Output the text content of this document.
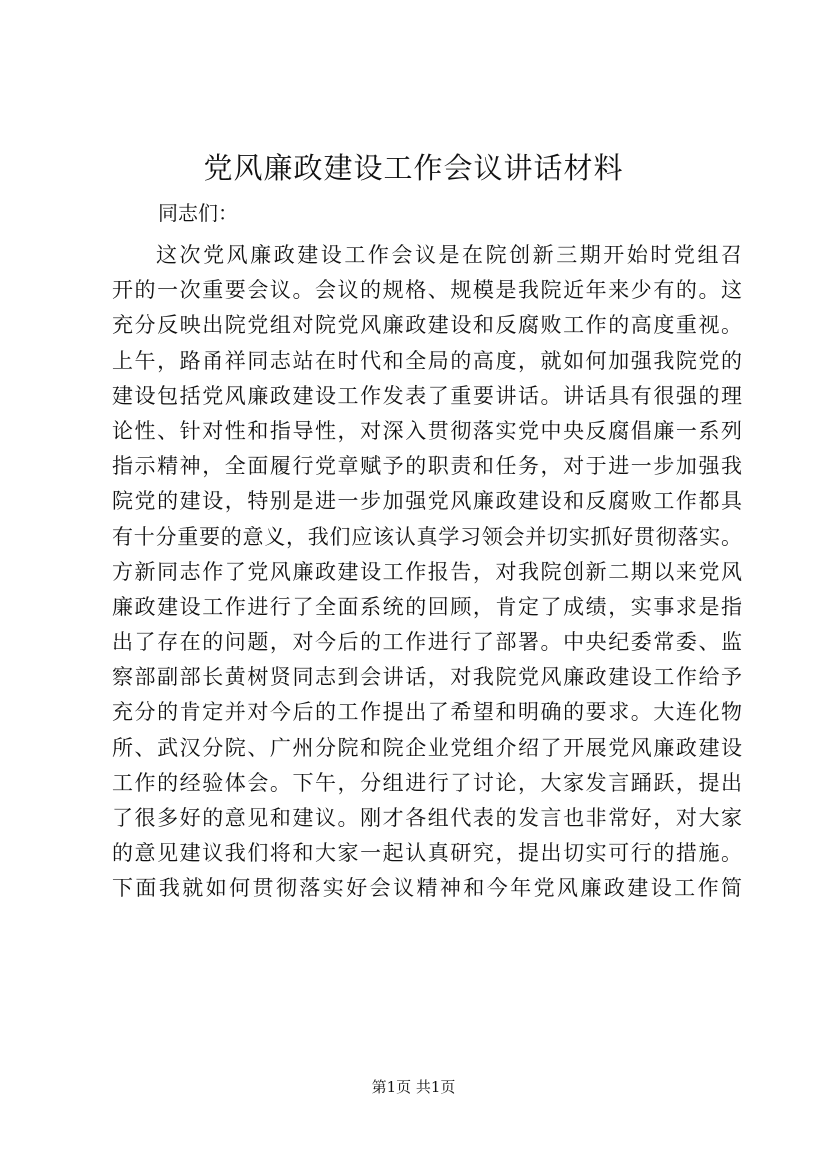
党风廉政建设工作会议讲话材料

同志们：

这次党风廉政建设工作会议是在院创新三期开始时党组召
开的一次重要会议。会议的规格、规模是我院近年来少有的。这
充分反映出院党组对院党风廉政建设和反腐败工作的高度重视。
上午，路甬祥同志站在时代和全局的高度，就如何加强我院党的
建设包括党风廉政建设工作发表了重要讲话。讲话具有很强的理
论性、针对性和指导性，对深入贯彻落实党中央反腐倡廉一系列
指示精神，全面履行党章赋予的职责和任务，对于进一步加强我
院党的建设，特别是进一步加强党风廉政建设和反腐败工作都具
有十分重要的意义，我们应该认真学习领会并切实抓好贯彻落实。
方新同志作了党风廉政建设工作报告，对我院创新二期以来党风
廉政建设工作进行了全面系统的回顾，肯定了成绩，实事求是指
出了存在的问题，对今后的工作进行了部署。中央纪委常委、监
察部副部长黄树贤同志到会讲话，对我院党风廉政建设工作给予
充分的肯定并对今后的工作提出了希望和明确的要求。大连化物
所、武汉分院、广州分院和院企业党组介绍了开展党风廉政建设
工作的经验体会。下午，分组进行了讨论，大家发言踊跃，提出
了很多好的意见和建议。刚才各组代表的发言也非常好，对大家
的意见建议我们将和大家一起认真研究，提出切实可行的措施。
下面我就如何贯彻落实好会议精神和今年党风廉政建设工作简
第1页 共1页
